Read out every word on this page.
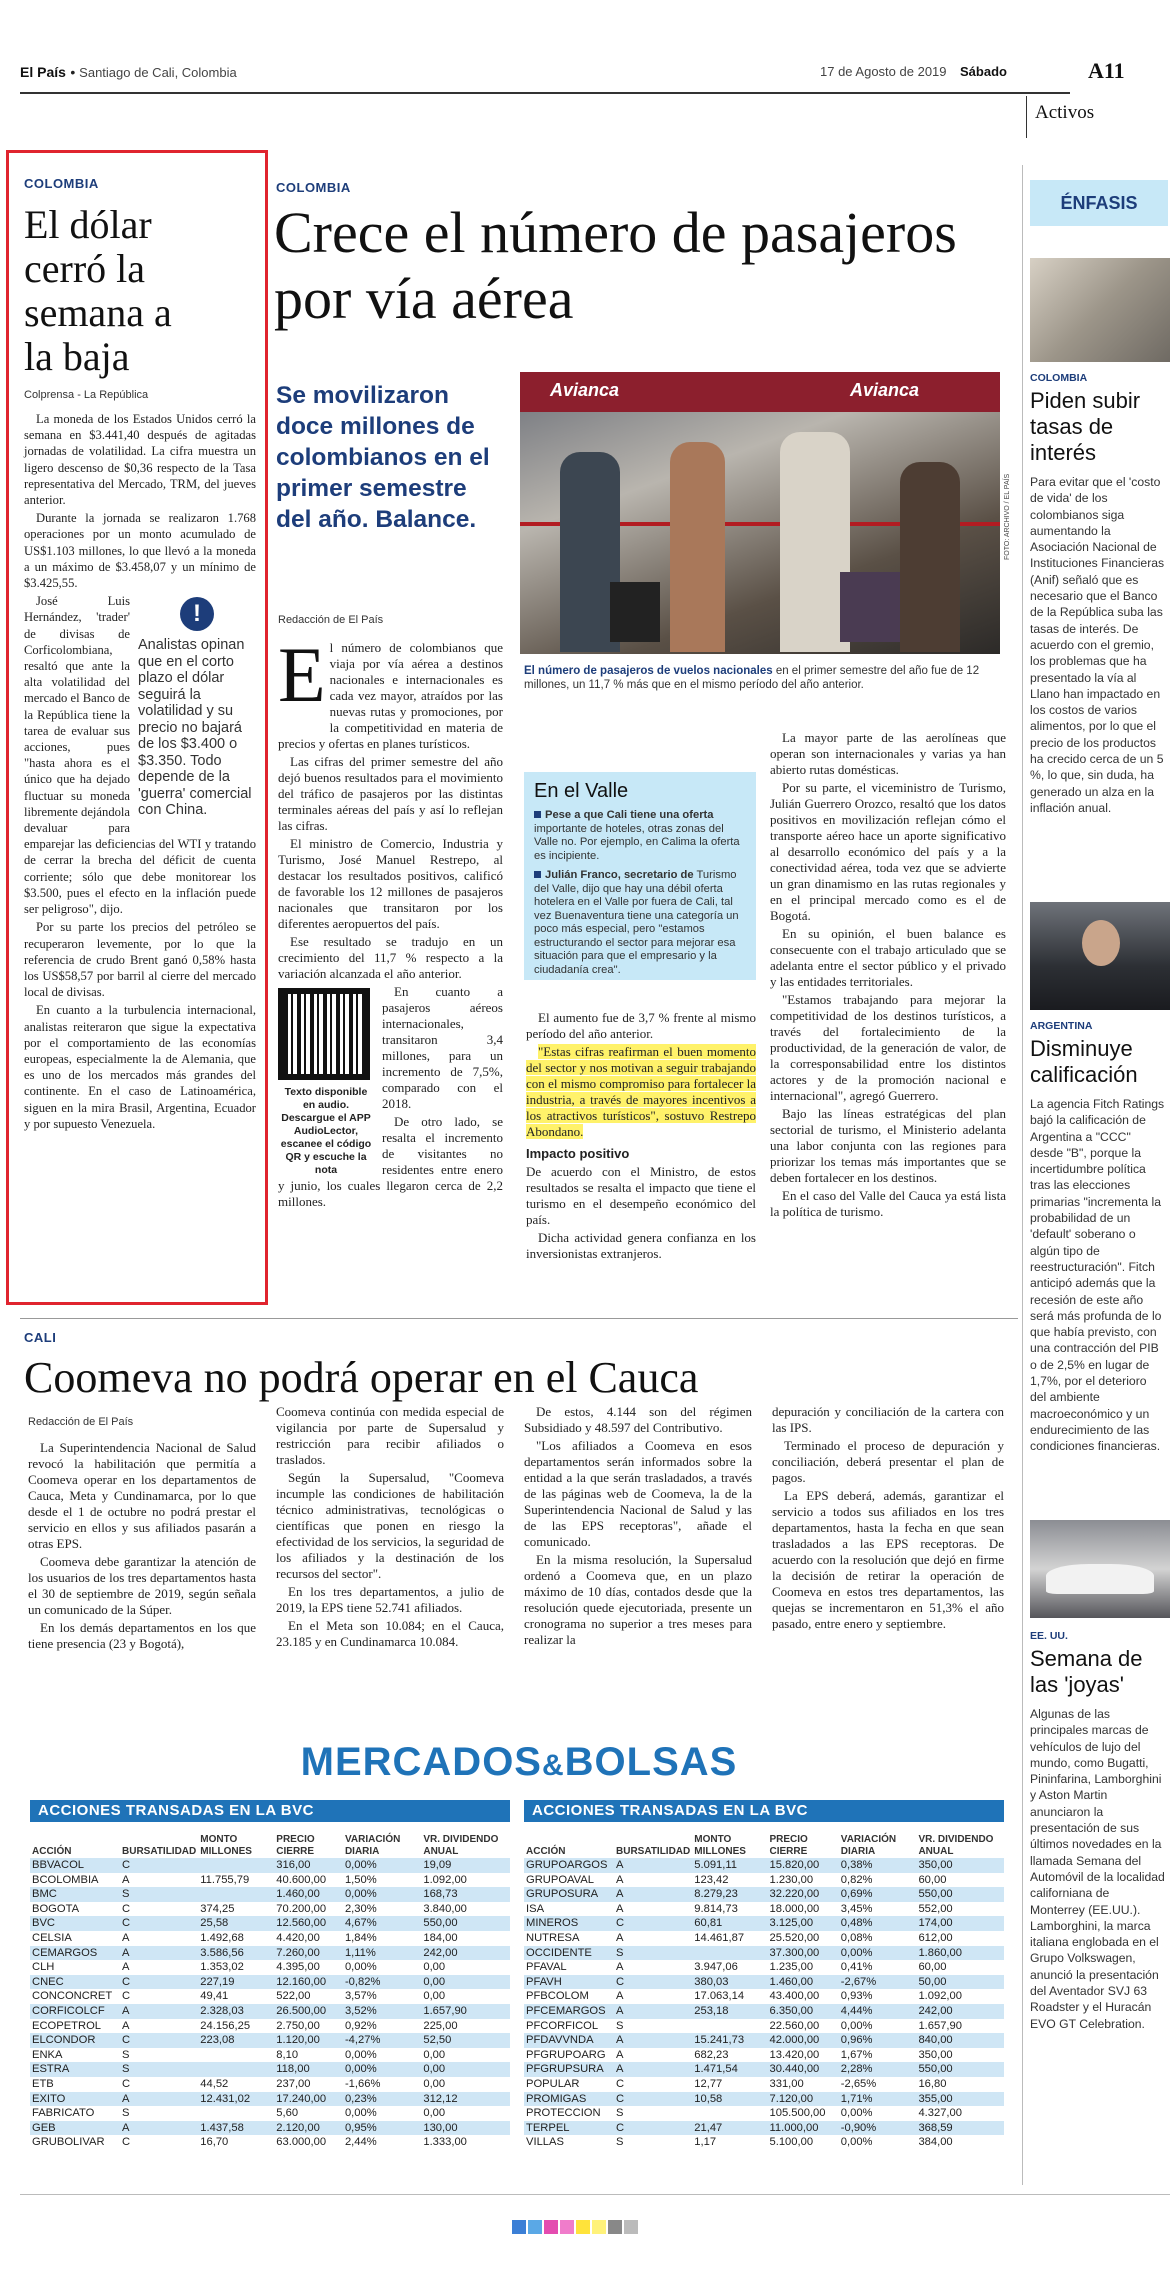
El País • Santiago de Cali, Colombia	17 de Agosto de 2019 Sábado	A11
Activos
COLOMBIA
El dólar cerró la semana a la baja
Colprensa - La República

La moneda de los Estados Unidos cerró la semana en $3.441,40 después de agitadas jornadas de volatilidad. La cifra muestra un ligero descenso de $0,36 respecto de la Tasa representativa del Mercado, TRM, del jueves anterior.

Durante la jornada se realizaron 1.768 operaciones por un monto acumulado de US$1.103 millones, lo que llevó a la moneda a un máximo de $3.458,07 y un mínimo de $3.425,55.

!
Analistas opinan que en el corto plazo el dólar seguirá la volatilidad y su precio no bajará de los $3.400 o $3.350. Todo depende de la 'guerra' comercial con China.

José Luis Hernández, 'trader' de divisas de Corficolombiana, resaltó que ante la alta volatilidad del mercado el Banco de la República tiene la tarea de evaluar sus acciones, pues "hasta ahora es el único que ha dejado fluctuar su moneda libremente dejándola devaluar para emparejar las deficiencias del WTI y tratando de cerrar la brecha del déficit de cuenta corriente; sólo que debe monitorear los $3.500, pues el efecto en la inflación puede ser peligroso", dijo.

Por su parte los precios del petróleo se recuperaron levemente, por lo que la referencia de crudo Brent ganó 0,58% hasta los US$58,57 por barril al cierre del mercado local de divisas.

En cuanto a la turbulencia internacional, analistas reiteraron que sigue la expectativa por el comportamiento de las economías europeas, especialmente la de Alemania, que es uno de los mercados más grandes del continente. En el caso de Latinoamérica, siguen en la mira Brasil, Argentina, Ecuador y por supuesto Venezuela.

COLOMBIA
Crece el número de pasajeros por vía aérea
Se movilizaron doce millones de colombianos en el primer semestre del año. Balance.
Avianca	Avianca
FOTO: ARCHIVO / EL PAÍS
El número de pasajeros de vuelos nacionales en el primer semestre del año fue de 12 millones, un 11,7 % más que en el mismo período del año anterior.
Redacción de El País
E l número de colombianos que viaja por vía aérea a destinos nacionales e internacionales es cada vez mayor, atraídos por las nuevas rutas y promociones, por la competitividad en materia de precios y ofertas en planes turísticos.

Las cifras del primer semestre del año dejó buenos resultados para el movimiento del tráfico de pasajeros por las distintas terminales aéreas del país y así lo reflejan las cifras.

El ministro de Comercio, Industria y Turismo, José Manuel Restrepo, al destacar los resultados positivos, calificó de favorable los 12 millones de pasajeros nacionales que transitaron por los diferentes aeropuertos del país.

Ese resultado se tradujo en un crecimiento del 11,7 % respecto a la variación alcanzada el año anterior.

Texto disponible en audio. Descargue el APP AudioLector, escanee el código QR y escuche la nota

En cuanto a pasajeros aéreos internacionales, transitaron 3,4 millones, para un incremento de 7,5%, comparado con el 2018.

De otro lado, se resalta el incremento de visitantes no residentes entre enero y junio, los cuales llegaron cerca de 2,2 millones.

En el Valle
Pese a que Cali tiene una oferta importante de hoteles, otras zonas del Valle no. Por ejemplo, en Calima la oferta es incipiente.
Julián Franco, secretario de Turismo del Valle, dijo que hay una débil oferta hotelera en el Valle por fuera de Cali, tal vez Buenaventura tiene una categoría un poco más especial, pero "estamos estructurando el sector para mejorar esa situación para que el empresario y la ciudadanía crea".

El aumento fue de 3,7 % frente al mismo período del año anterior.

"Estas cifras reafirman el buen momento del sector y nos motivan a seguir trabajando con el mismo compromiso para fortalecer la industria, a través de mayores incentivos a los atractivos turísticos", sostuvo Restrepo Abondano.

Impacto positivo

De acuerdo con el Ministro, de estos resultados se resalta el impacto que tiene el turismo en el desempeño económico del país.

Dicha actividad genera confianza en los inversionistas extranjeros.

La mayor parte de las aerolíneas que operan son internacionales y varias ya han abierto rutas domésticas.

Por su parte, el viceministro de Turismo, Julián Guerrero Orozco, resaltó que los datos positivos en movilización reflejan cómo el transporte aéreo hace un aporte significativo al desarrollo económico del país y a la conectividad aérea, toda vez que se advierte un gran dinamismo en las rutas regionales y en el principal mercado como es el de Bogotá.

En su opinión, el buen balance es consecuente con el trabajo articulado que se adelanta entre el sector público y el privado y las entidades territoriales.

"Estamos trabajando para mejorar la competitividad de los destinos turísticos, a través del fortalecimiento de la productividad, de la generación de valor, de la corresponsabilidad entre los distintos actores y de la promoción nacional e internacional", agregó Guerrero.

Bajo las líneas estratégicas del plan sectorial de turismo, el Ministerio adelanta una labor conjunta con las regiones para priorizar los temas más importantes que se deben fortalecer en los destinos.

En el caso del Valle del Cauca ya está lista la política de turismo.

ÉNFASIS
COLOMBIA
Piden subir tasas de interés
Para evitar que el 'costo de vida' de los colombianos siga aumentando la Asociación Nacional de Instituciones Financieras (Anif) señaló que es necesario que el Banco de la República suba las tasas de interés. De acuerdo con el gremio, los problemas que ha presentado la vía al Llano han impactado en los costos de varios alimentos, por lo que el precio de los productos ha crecido cerca de un 5 %, lo que, sin duda, ha generado un alza en la inflación anual.
ARGENTINA
Disminuye calificación
La agencia Fitch Ratings bajó la calificación de Argentina a "CCC" desde "B", porque la incertidumbre política tras las elecciones primarias "incrementa la probabilidad de un 'default' soberano o algún tipo de reestructuración". Fitch anticipó además que la recesión de este año será más profunda de lo que había previsto, con una contracción del PIB o de 2,5% en lugar de 1,7%, por el deterioro del ambiente macroeconómico y un endurecimiento de las condiciones financieras.
EE. UU.
Semana de las 'joyas'
Algunas de las principales marcas de vehículos de lujo del mundo, como Bugatti, Pininfarina, Lamborghini y Aston Martin anunciaron la presentación de sus últimos novedades en la llamada Semana del Automóvil de la localidad californiana de Monterrey (EE.UU.). Lamborghini, la marca italiana englobada en el Grupo Volkswagen, anunció la presentación del Aventador SVJ 63 Roadster y el Huracán EVO GT Celebration.
CALI
Coomeva no podrá operar en el Cauca
Redacción de El País

La Superintendencia Nacional de Salud revocó la habilitación que permitía a Coomeva operar en los departamentos de Cauca, Meta y Cundinamarca, por lo que desde el 1 de octubre no podrá prestar el servicio en ellos y sus afiliados pasarán a otras EPS.

Coomeva debe garantizar la atención de los usuarios de los tres departamentos hasta el 30 de septiembre de 2019, según señala un comunicado de la Súper.

En los demás departamentos en los que tiene presencia (23 y Bogotá),

Coomeva continúa con medida especial de vigilancia por parte de Supersalud y restricción para recibir afiliados o traslados.

Según la Supersalud, "Coomeva incumple las condiciones de habilitación técnico administrativas, tecnológicas o científicas que ponen en riesgo la efectividad de los servicios, la seguridad de los afiliados y la destinación de los recursos del sector".

En los tres departamentos, a julio de 2019, la EPS tiene 52.741 afiliados.

En el Meta son 10.084; en el Cauca, 23.185 y en Cundinamarca 10.084.

De estos, 4.144 son del régimen Subsidiado y 48.597 del Contributivo.

"Los afiliados a Coomeva en esos departamentos serán informados sobre la entidad a la que serán trasladados, a través de las páginas web de Coomeva, la de la Superintendencia Nacional de Salud y las de las EPS receptoras", añade el comunicado.

En la misma resolución, la Supersalud ordenó a Coomeva que, en un plazo máximo de 10 días, contados desde que la resolución quede ejecutoriada, presente un cronograma no superior a tres meses para realizar la

depuración y conciliación de la cartera con las IPS.

Terminado el proceso de depuración y conciliación, deberá presentar el plan de pagos.

La EPS deberá, además, garantizar el servicio a todos sus afiliados en los tres departamentos, hasta la fecha en que sean trasladados a las EPS receptoras. De acuerdo con la resolución que dejó en firme la decisión de retirar la operación de Coomeva en estos tres departamentos, las quejas se incrementaron en 51,3% el año pasado, entre enero y septiembre.

MERCADOS&BOLSAS
ACCIONES TRANSADAS EN LA BVC
ACCIÓN	BURSATILIDAD	MONTO MILLONES	PRECIO CIERRE	VARIACIÓN DIARIA	VR. DIVIDENDO ANUAL
BBVACOL	C		316,00	0,00%	19,09
BCOLOMBIA	A	11.755,79	40.600,00	1,50%	1.092,00
BMC	S		1.460,00	0,00%	168,73
BOGOTA	C	374,25	70.200,00	2,30%	3.840,00
BVC	C	25,58	12.560,00	4,67%	550,00
CELSIA	A	1.492,68	4.420,00	1,84%	184,00
CEMARGOS	A	3.586,56	7.260,00	1,11%	242,00
CLH	A	1.353,02	4.395,00	0,00%	0,00
CNEC	C	227,19	12.160,00	-0,82%	0,00
CONCONCRET	C	49,41	522,00	3,57%	0,00
CORFICOLCF	A	2.328,03	26.500,00	3,52%	1.657,90
ECOPETROL	A	24.156,25	2.750,00	0,92%	225,00
ELCONDOR	C	223,08	1.120,00	-4,27%	52,50
ENKA	S		8,10	0,00%	0,00
ESTRA	S		118,00	0,00%	0,00
ETB	C	44,52	237,00	-1,66%	0,00
EXITO	A	12.431,02	17.240,00	0,23%	312,12
FABRICATO	S		5,60	0,00%	0,00
GEB	A	1.437,58	2.120,00	0,95%	130,00
GRUBOLIVAR	C	16,70	63.000,00	2,44%	1.333,00
ACCIONES TRANSADAS EN LA BVC
ACCIÓN	BURSATILIDAD	MONTO MILLONES	PRECIO CIERRE	VARIACIÓN DIARIA	VR. DIVIDENDO ANUAL
GRUPOARGOS	A	5.091,11	15.820,00	0,38%	350,00
GRUPOAVAL	A	123,42	1.230,00	0,82%	60,00
GRUPOSURA	A	8.279,23	32.220,00	0,69%	550,00
ISA	A	9.814,73	18.000,00	3,45%	552,00
MINEROS	C	60,81	3.125,00	0,48%	174,00
NUTRESA	A	14.461,87	25.520,00	0,08%	612,00
OCCIDENTE	S		37.300,00	0,00%	1.860,00
PFAVAL	A	3.947,06	1.235,00	0,41%	60,00
PFAVH	C	380,03	1.460,00	-2,67%	50,00
PFBCOLOM	A	17.063,14	43.400,00	0,93%	1.092,00
PFCEMARGOS	A	253,18	6.350,00	4,44%	242,00
PFCORFICOL	S		22.560,00	0,00%	1.657,90
PFDAVVNDA	A	15.241,73	42.000,00	0,96%	840,00
PFGRUPOARG	A	682,23	13.420,00	1,67%	350,00
PFGRUPSURA	A	1.471,54	30.440,00	2,28%	550,00
POPULAR	C	12,77	331,00	-2,65%	16,80
PROMIGAS	C	10,58	7.120,00	1,71%	355,00
PROTECCION	S		105.500,00	0,00%	4.327,00
TERPEL	C	21,47	11.000,00	-0,90%	368,59
VILLAS	S	1,17	5.100,00	0,00%	384,00
